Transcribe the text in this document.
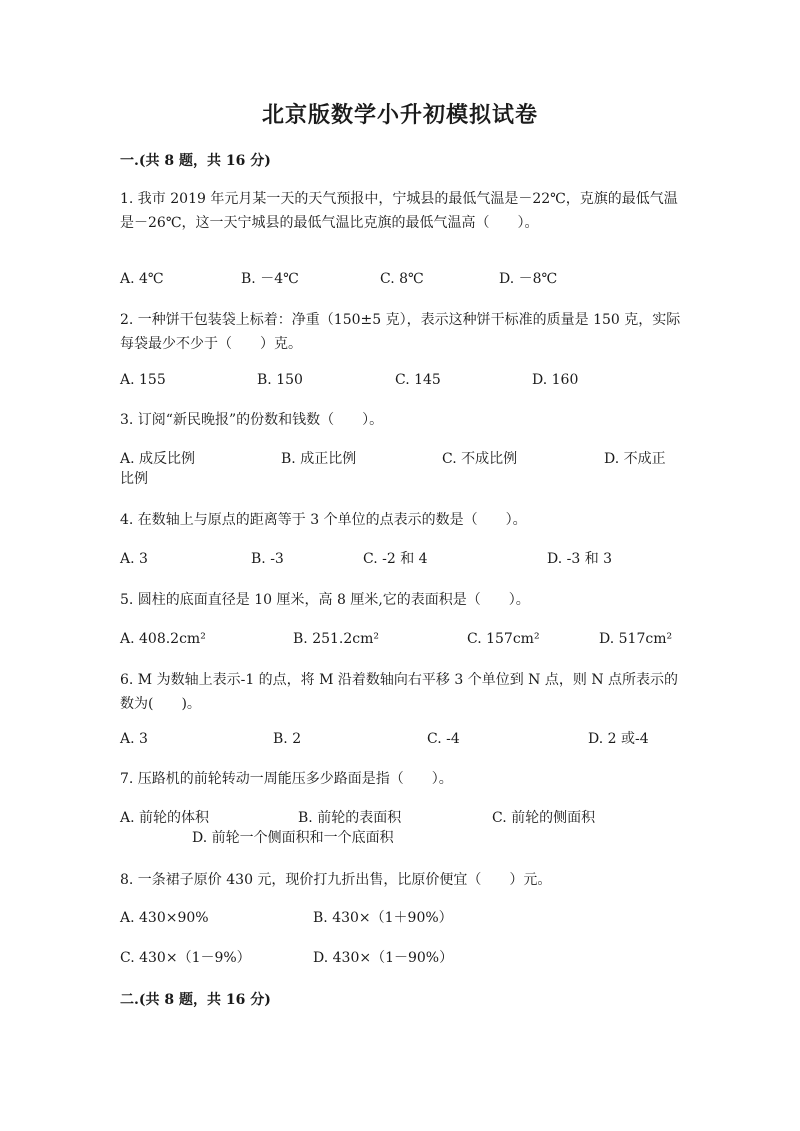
北京版数学小升初模拟试卷
一.(共 8 题，共 16 分)
1. 我市 2019 年元月某一天的天气预报中，宁城县的最低气温是－22℃，克旗的最低气温是－26℃，这一天宁城县的最低气温比克旗的最低气温高（　　）。
A. 4℃	B. －4℃	C. 8℃	D. －8℃
2. 一种饼干包装袋上标着：净重（150±5 克），表示这种饼干标准的质量是 150 克，实际每袋最少不少于（　　）克。
A. 155	B. 150	C. 145	D. 160
3. 订阅“新民晚报”的份数和钱数（　　）。
A. 成反比例	B. 成正比例	C. 不成比例	D. 不成正
比例
4. 在数轴上与原点的距离等于 3 个单位的点表示的数是（　　）。
A. 3	B. -3	C. -2 和 4	D. -3 和 3
5. 圆柱的底面直径是 10 厘米，高 8 厘米,它的表面积是（　　）。
A. 408.2cm²	B. 251.2cm²	C. 157cm²	D. 517cm²
6. M 为数轴上表示-1 的点，将 M 沿着数轴向右平移 3 个单位到 N 点，则 N 点所表示的数为(　　)。
A. 3	B. 2	C. -4	D. 2 或-4
7. 压路机的前轮转动一周能压多少路面是指（　　）。
A. 前轮的体积	B. 前轮的表面积	C. 前轮的侧面积
D. 前轮一个侧面积和一个底面积
8. 一条裙子原价 430 元，现价打九折出售，比原价便宜（　　）元。
A. 430×90%	B. 430×（1＋90%）
C. 430×（1－9%）	D. 430×（1－90%）
二.(共 8 题，共 16 分)
